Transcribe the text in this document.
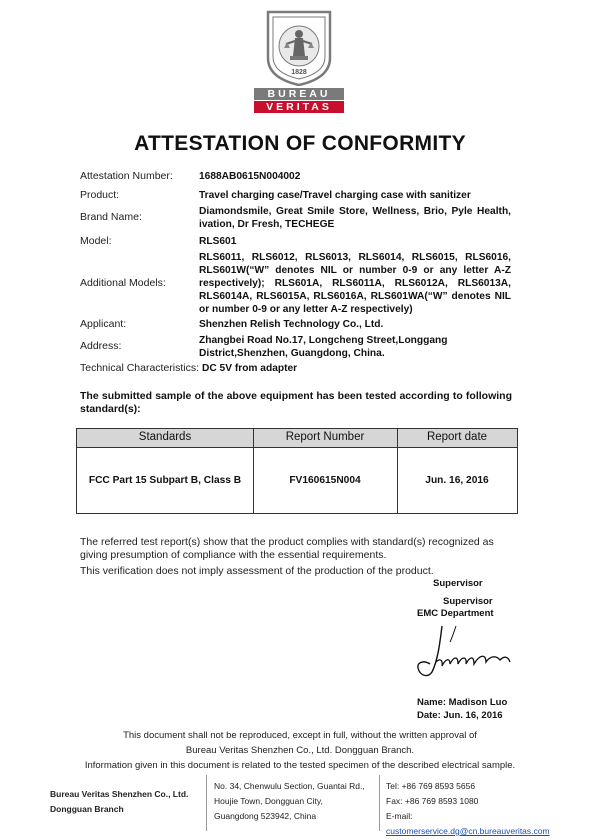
1828
BUREAU
VERITAS
ATTESTATION OF CONFORMITY
Attestation Number:	1688AB0615N004002
Product:	Travel charging case/Travel charging case with sanitizer
Brand Name:	Diamondsmile, Great Smile Store, Wellness, Brio, Pyle Health, ivation, Dr Fresh, TECHEGE
Model:	RLS601
Additional Models:
RLS6011, RLS6012, RLS6013, RLS6014, RLS6015, RLS6016, RLS601W(“W” denotes NIL or number 0-9 or any letter A-Z respectively); RLS601A, RLS6011A, RLS6012A, RLS6013A, RLS6014A, RLS6015A, RLS6016A, RLS601WA(“W” denotes NIL or number 0-9 or any letter A-Z respectively)
Applicant:	Shenzhen Relish Technology Co., Ltd.
Address:	Zhangbei Road No.17, Longcheng Street,Longgang District,Shenzhen, Guangdong, China.
Technical Characteristics: DC 5V from adapter
The submitted sample of the above equipment has been tested according to following standard(s):
Standards	Report Number	Report date
FCC Part 15 Subpart B, Class B	FV160615N004	Jun. 16, 2016
The referred test report(s) show that the product complies with standard(s) recognized as giving presumption of compliance with the essential requirements.
This verification does not imply assessment of the production of the product.
Supervisor
Supervisor
EMC Department
Name: Madison Luo
Date: Jun. 16, 2016
This document shall not be reproduced, except in full, without the written approval of
Bureau Veritas Shenzhen Co., Ltd. Dongguan Branch.
Information given in this document is related to the tested specimen of the described electrical sample.
Bureau Veritas Shenzhen Co., Ltd.
Dongguan Branch
No. 34, Chenwulu Section, Guantai Rd.,
Houjie Town, Dongguan City,
Guangdong 523942, China
Tel: +86 769 8593 5656
Fax: +86 769 8593 1080
E-mail: customerservice.dg@cn.bureauveritas.com
